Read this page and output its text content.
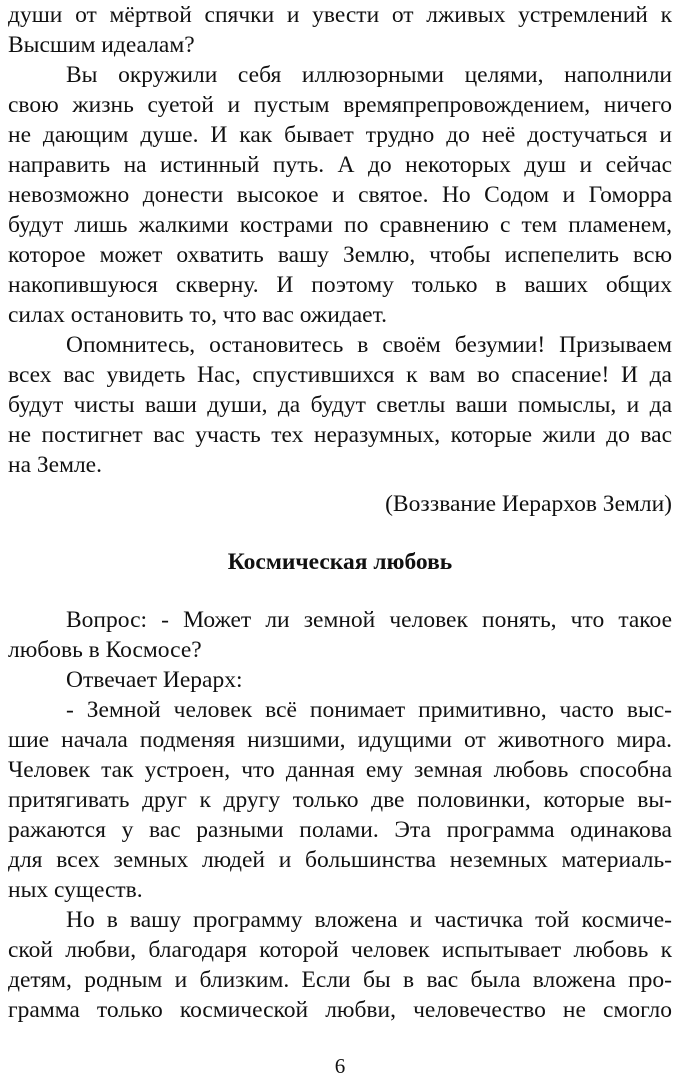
души от мёртвой спячки и увести от лживых устремлений к
Высшим идеалам?
Вы окружили себя иллюзорными целями, наполнили
свою жизнь суетой и пустым времяпрепровождением, ничего
не дающим душе. И как бывает трудно до неё достучаться и
направить на истинный путь. А до некоторых душ и сейчас
невозможно донести высокое и святое. Но Содом и Гоморра
будут лишь жалкими кострами по сравнению с тем пламенем,
которое может охватить вашу Землю, чтобы испепелить всю
накопившуюся скверну. И поэтому только в ваших общих
силах остановить то, что вас ожидает.
Опомнитесь, остановитесь в своём безумии! Призываем
всех вас увидеть Нас, спустившихся к вам во спасение! И да
будут чисты ваши души, да будут светлы ваши помыслы, и да
не постигнет вас участь тех неразумных, которые жили до вас
на Земле.
(Воззвание Иерархов Земли)
Космическая любовь
Вопрос: - Может ли земной человек понять, что такое
любовь в Космосе?
Отвечает Иерарх:
- Земной человек всё понимает примитивно, часто выс-
шие начала подменяя низшими, идущими от животного мира.
Человек так устроен, что данная ему земная любовь способна
притягивать друг к другу только две половинки, которые вы-
ражаются у вас разными полами. Эта программа одинакова
для всех земных людей и большинства неземных материаль-
ных существ.
Но в вашу программу вложена и частичка той космиче-
ской любви, благодаря которой человек испытывает любовь к
детям, родным и близким. Если бы в вас была вложена про-
грамма только космической любви, человечество не смогло
6
